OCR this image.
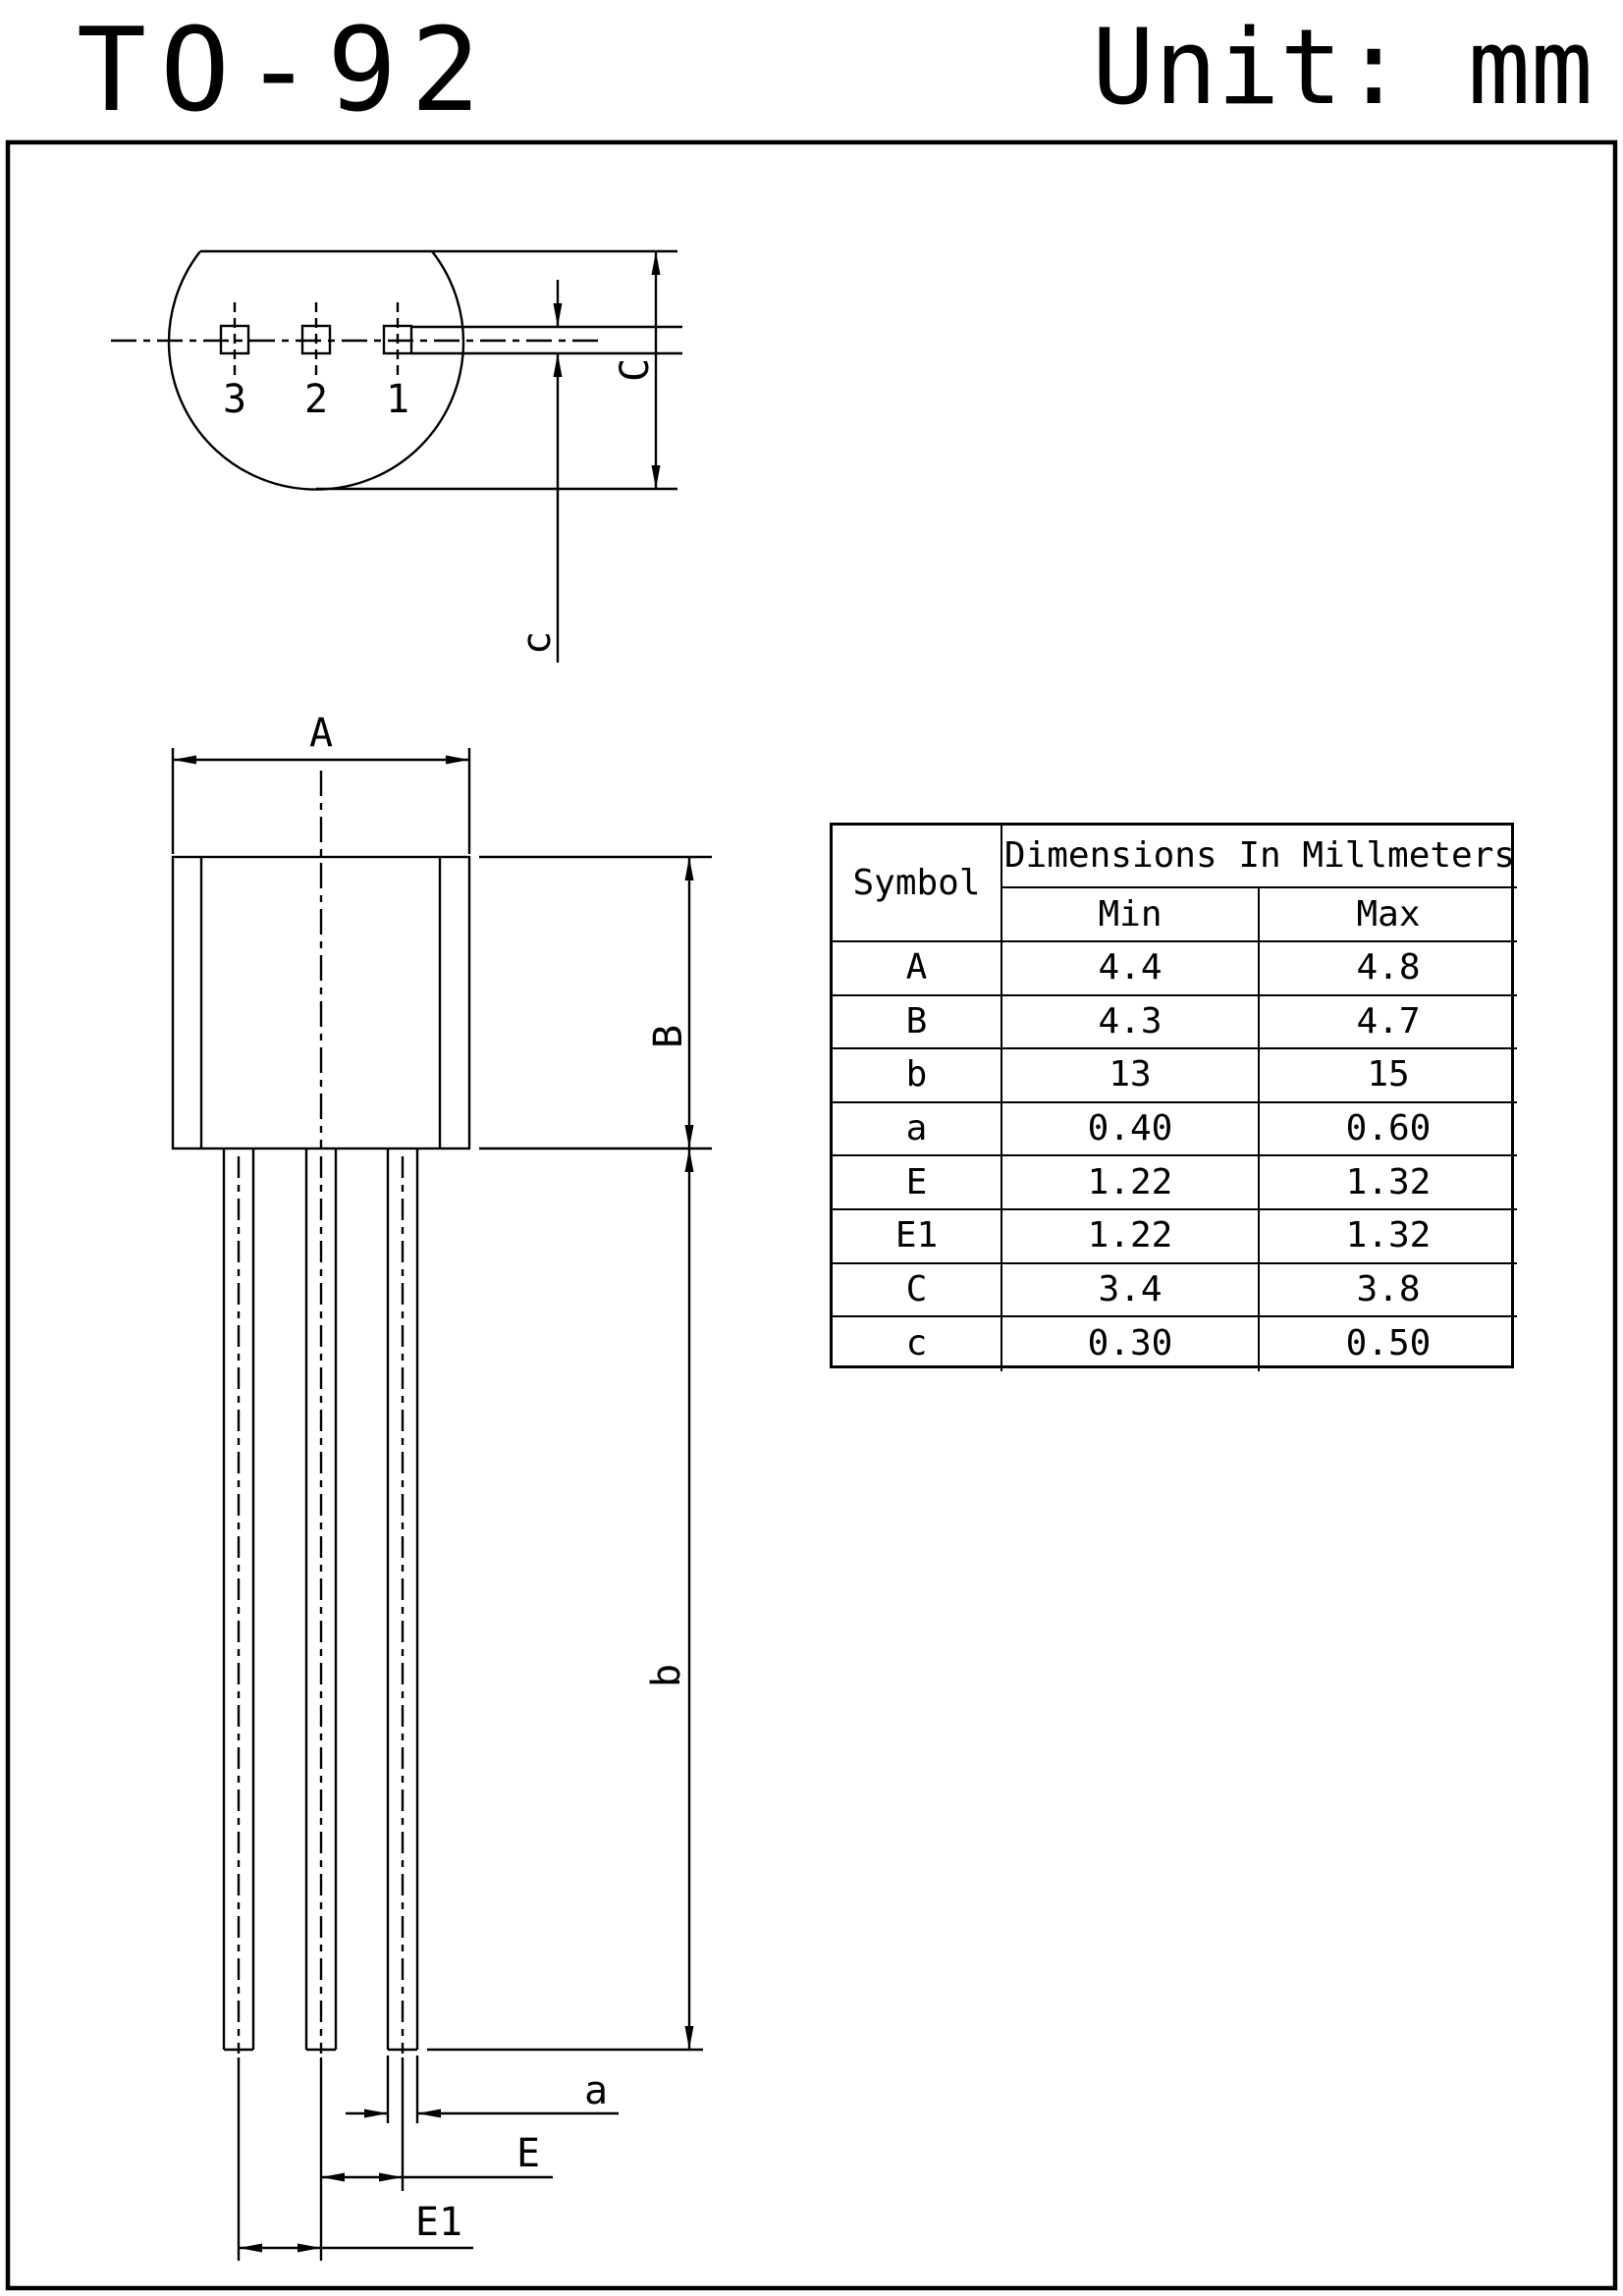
TO-92	Unit: mm
3 2 1
c
C
A
B
b
a
E
E1
Symbol
Dimensions In Millmeters
Min	Max
A	4.4	4.8
B	4.3	4.7
b	13	15
a	0.40	0.60
E	1.22	1.32
E1	1.22	1.32
C	3.4	3.8
c	0.30	0.50
